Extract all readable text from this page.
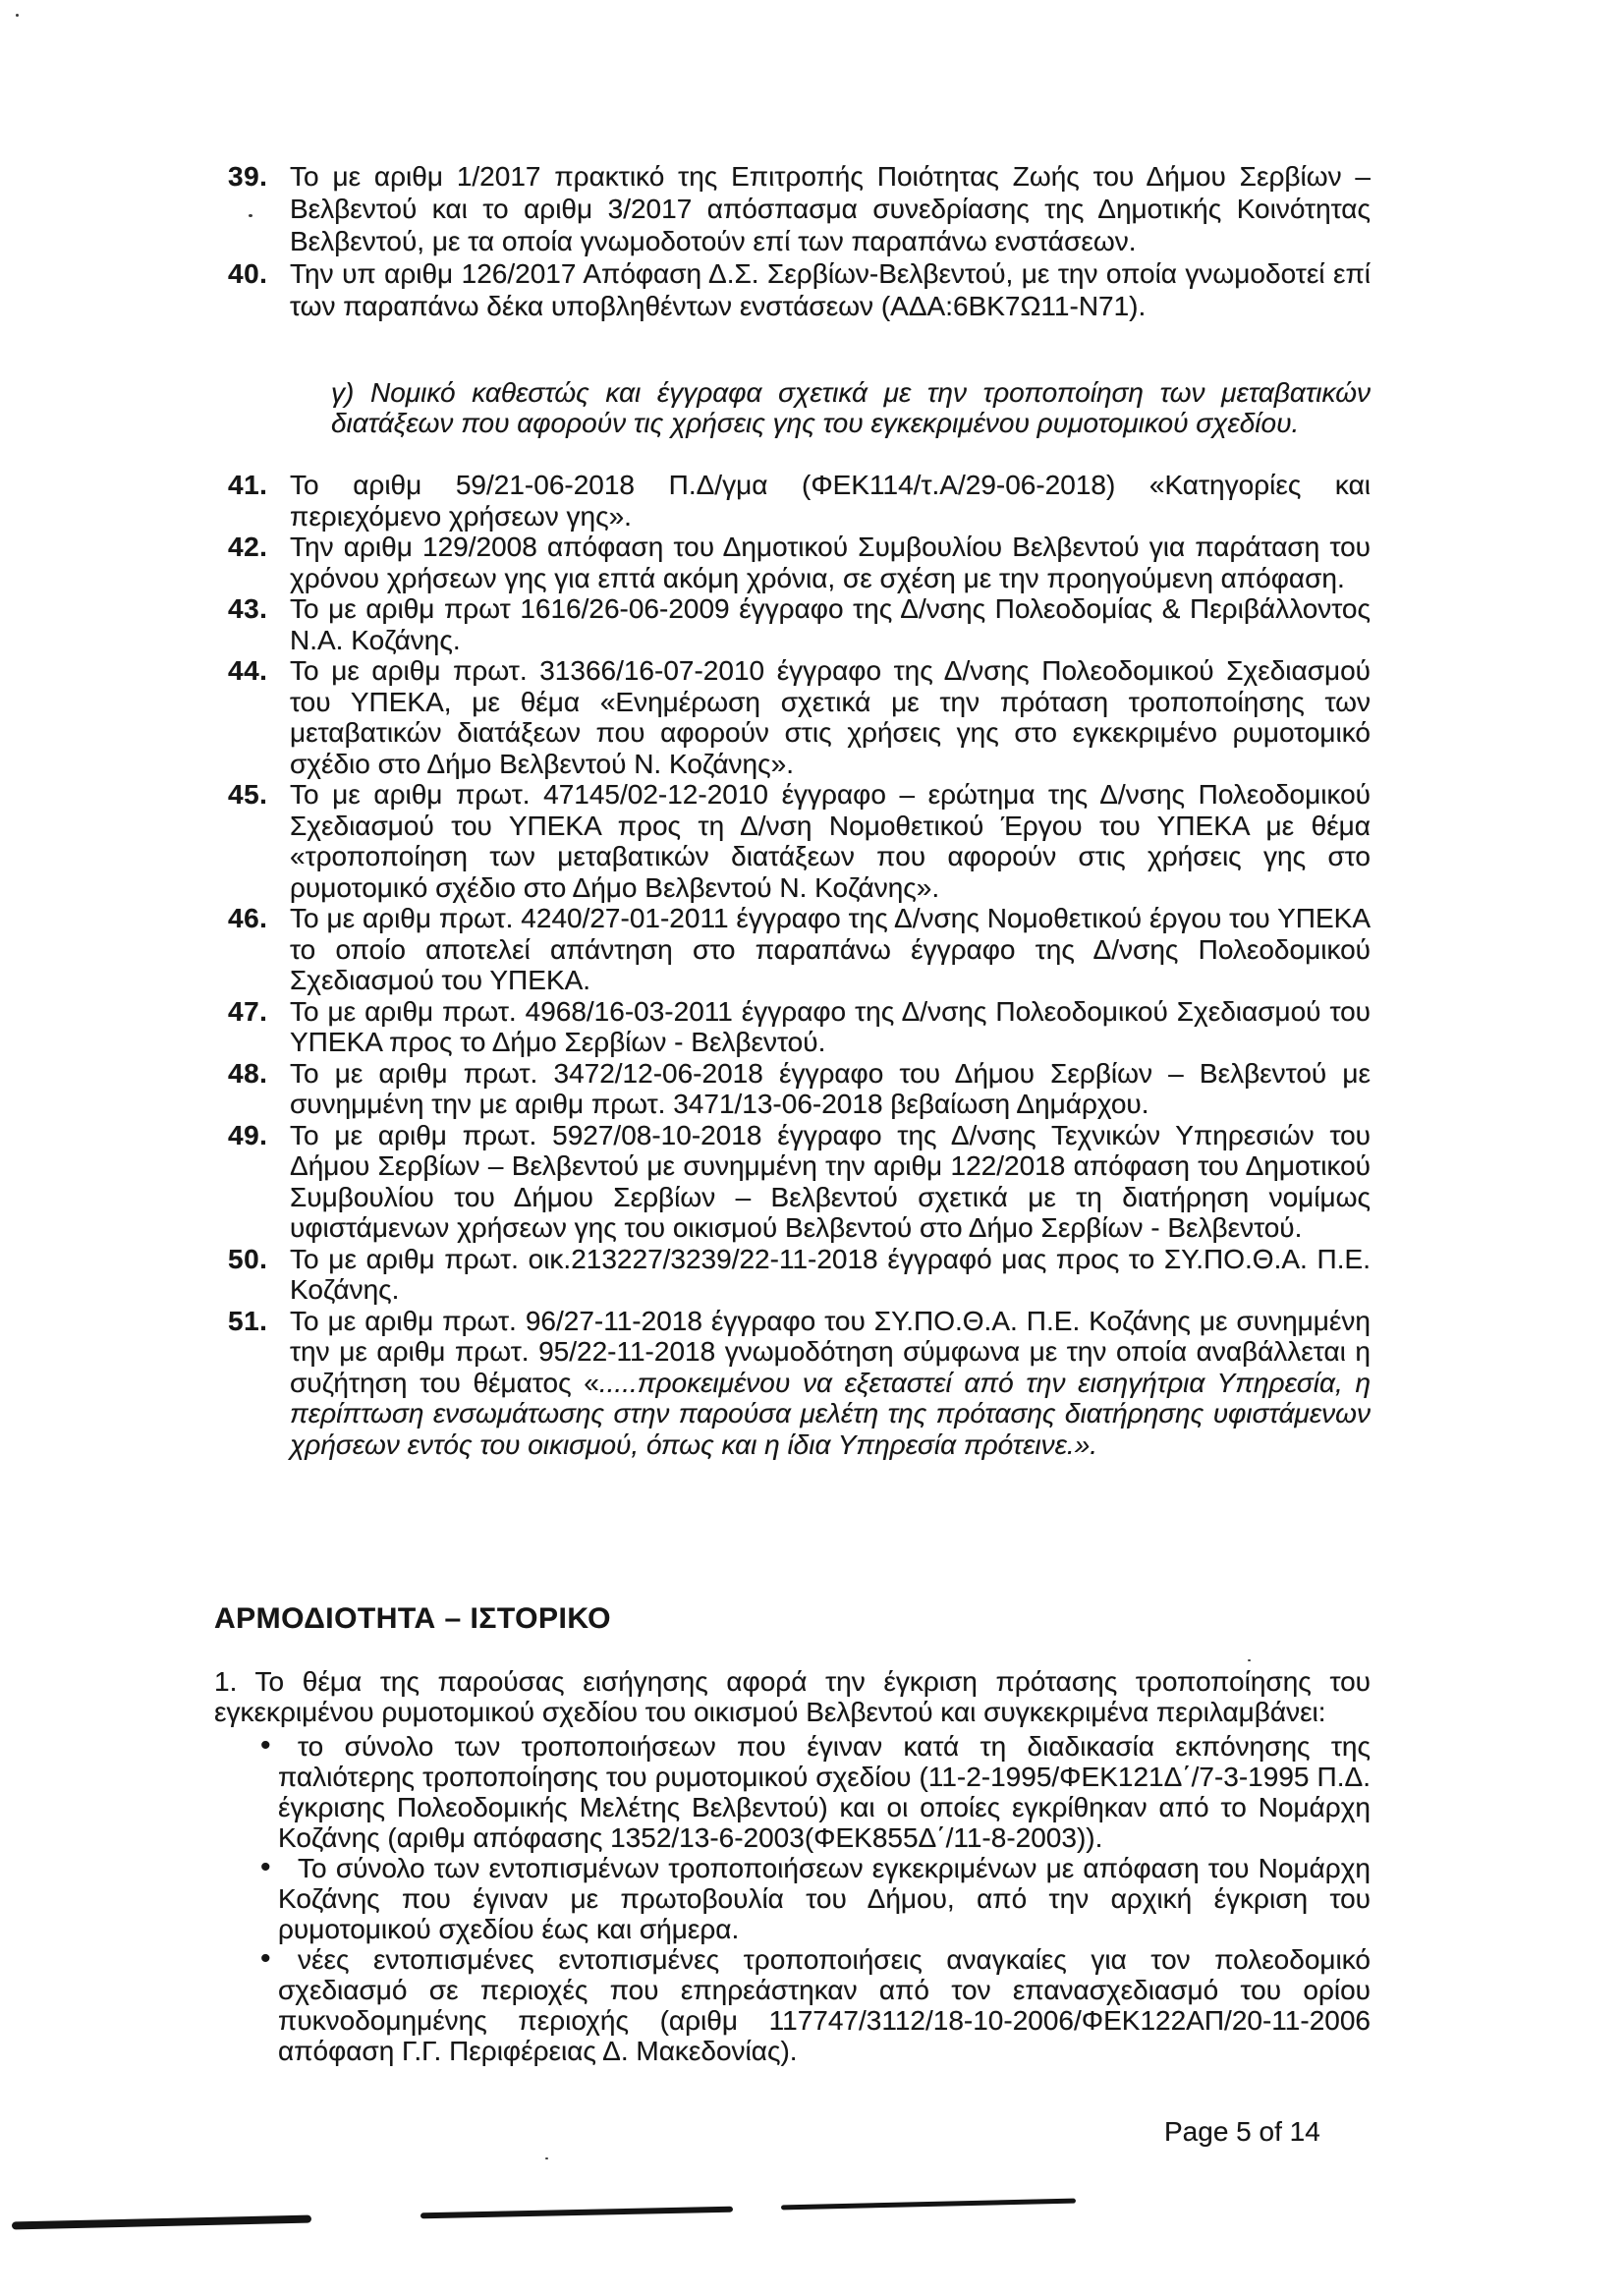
39. Το με αριθμ 1/2017 πρακτικό της Επιτροπής Ποιότητας Ζωής του Δήμου Σερβίων – Βελβεντού και το αριθμ 3/2017 απόσπασμα συνεδρίασης της Δημοτικής Κοινότητας Βελβεντού, με τα οποία γνωμοδοτούν επί των παραπάνω ενστάσεων.
40. Την υπ αριθμ 126/2017 Απόφαση Δ.Σ. Σερβίων-Βελβεντού, με την οποία γνωμοδοτεί επί των παραπάνω δέκα υποβληθέντων ενστάσεων (ΑΔΑ:6ΒΚ7Ω11-Ν71).
γ) Νομικό καθεστώς και έγγραφα σχετικά με την τροποποίηση των μεταβατικών διατάξεων που αφορούν τις χρήσεις γης του εγκεκριμένου ρυμοτομικού σχεδίου.
41. Το αριθμ 59/21-06-2018 Π.Δ/γμα (ΦΕΚ114/τ.Α/29-06-2018) «Κατηγορίες και περιεχόμενο χρήσεων γης».
42. Την αριθμ 129/2008 απόφαση του Δημοτικού Συμβουλίου Βελβεντού για παράταση του χρόνου χρήσεων γης για επτά ακόμη χρόνια, σε σχέση με την προηγούμενη απόφαση.
43. Το με αριθμ πρωτ 1616/26-06-2009 έγγραφο της Δ/νσης Πολεοδομίας & Περιβάλλοντος Ν.Α. Κοζάνης.
44. Το με αριθμ πρωτ. 31366/16-07-2010 έγγραφο της Δ/νσης Πολεοδομικού Σχεδιασμού του ΥΠΕΚΑ, με θέμα «Ενημέρωση σχετικά με την πρόταση τροποποίησης των μεταβατικών διατάξεων που αφορούν στις χρήσεις γης στο εγκεκριμένο ρυμοτομικό σχέδιο στο Δήμο Βελβεντού Ν. Κοζάνης».
45. Το με αριθμ πρωτ. 47145/02-12-2010 έγγραφο – ερώτημα της Δ/νσης Πολεοδομικού Σχεδιασμού του ΥΠΕΚΑ προς τη Δ/νση Νομοθετικού Έργου του ΥΠΕΚΑ με θέμα «τροποποίηση των μεταβατικών διατάξεων που αφορούν στις χρήσεις γης στο ρυμοτομικό σχέδιο στο Δήμο Βελβεντού Ν. Κοζάνης».
46. Το με αριθμ πρωτ. 4240/27-01-2011 έγγραφο της Δ/νσης Νομοθετικού έργου του ΥΠΕΚΑ το οποίο αποτελεί απάντηση στο παραπάνω έγγραφο της Δ/νσης Πολεοδομικού Σχεδιασμού του ΥΠΕΚΑ.
47. Το με αριθμ πρωτ. 4968/16-03-2011 έγγραφο της Δ/νσης Πολεοδομικού Σχεδιασμού του ΥΠΕΚΑ προς το Δήμο Σερβίων - Βελβεντού.
48. Το με αριθμ πρωτ. 3472/12-06-2018 έγγραφο του Δήμου Σερβίων – Βελβεντού με συνημμένη την με αριθμ πρωτ. 3471/13-06-2018 βεβαίωση Δημάρχου.
49. Το με αριθμ πρωτ. 5927/08-10-2018 έγγραφο της Δ/νσης Τεχνικών Υπηρεσιών του Δήμου Σερβίων – Βελβεντού με συνημμένη την αριθμ 122/2018 απόφαση του Δημοτικού Συμβουλίου του Δήμου Σερβίων – Βελβεντού σχετικά με τη διατήρηση νομίμως υφιστάμενων χρήσεων γης του οικισμού Βελβεντού στο Δήμο Σερβίων - Βελβεντού.
50. Το με αριθμ πρωτ. οικ.213227/3239/22-11-2018 έγγραφό μας προς το ΣΥ.ΠΟ.Θ.Α. Π.Ε. Κοζάνης.
51. Το με αριθμ πρωτ. 96/27-11-2018 έγγραφο του ΣΥ.ΠΟ.Θ.Α. Π.Ε. Κοζάνης με συνημμένη την με αριθμ πρωτ. 95/22-11-2018 γνωμοδότηση σύμφωνα με την οποία αναβάλλεται η συζήτηση του θέματος «.....προκειμένου να εξεταστεί από την εισηγήτρια Υπηρεσία, η περίπτωση ενσωμάτωσης στην παρούσα μελέτη της πρότασης διατήρησης υφιστάμενων χρήσεων εντός του οικισμού, όπως και η ίδια Υπηρεσία πρότεινε.».
ΑΡΜΟΔΙΟΤΗΤΑ – ΙΣΤΟΡΙΚΟ
1. Το θέμα της παρούσας εισήγησης αφορά την έγκριση πρότασης τροποποίησης του εγκεκριμένου ρυμοτομικού σχεδίου του οικισμού Βελβεντού και συγκεκριμένα περιλαμβάνει:
• το σύνολο των τροποποιήσεων που έγιναν κατά τη διαδικασία εκπόνησης της παλιότερης τροποποίησης του ρυμοτομικού σχεδίου (11-2-1995/ΦΕΚ121Δ΄/7-3-1995 Π.Δ. έγκρισης Πολεοδομικής Μελέτης Βελβεντού) και οι οποίες εγκρίθηκαν από το Νομάρχη Κοζάνης (αριθμ απόφασης 1352/13-6-2003(ΦΕΚ855Δ΄/11-8-2003)).
• Το σύνολο των εντοπισμένων τροποποιήσεων εγκεκριμένων με απόφαση του Νομάρχη Κοζάνης που έγιναν με πρωτοβουλία του Δήμου, από την αρχική έγκριση του ρυμοτομικού σχεδίου έως και σήμερα.
• νέες εντοπισμένες εντοπισμένες τροποποιήσεις αναγκαίες για τον πολεοδομικό σχεδιασμό σε περιοχές που επηρεάστηκαν από τον επανασχεδιασμό του ορίου πυκνοδομημένης περιοχής (αριθμ 117747/3112/18-10-2006/ΦΕΚ122ΑΠ/20-11-2006 απόφαση Γ.Γ. Περιφέρειας Δ. Μακεδονίας).
Page 5 of 14
